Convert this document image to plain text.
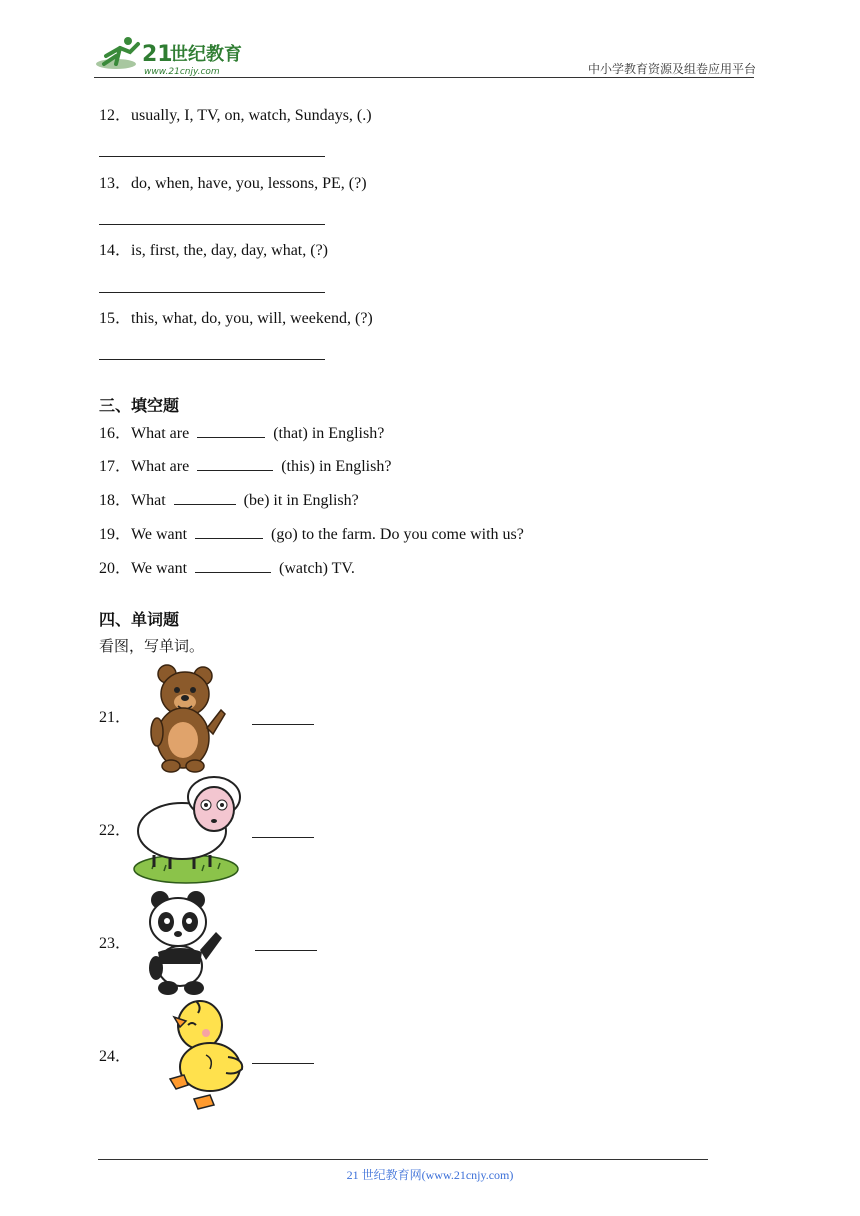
21
世纪教育
www.21cnjy.com	中小学教育资源及组卷应用平台
12．usually, I, TV, on, watch, Sundays, (.)
13．do, when, have, you, lessons, PE, (?)
14．is, first, the, day, day, what, (?)
15．this, what, do, you, will, weekend, (?)
三、填空题
16．What are	(that) in English?
17．What are	(this) in English?
18．What	(be) it in English?
19．We want	(go) to the farm. Do you come with us?
20．We want	(watch) TV.
四、单词题
看图，写单词。
21．
22．
23．
24．
21 世纪教育网(www.21cnjy.com)
